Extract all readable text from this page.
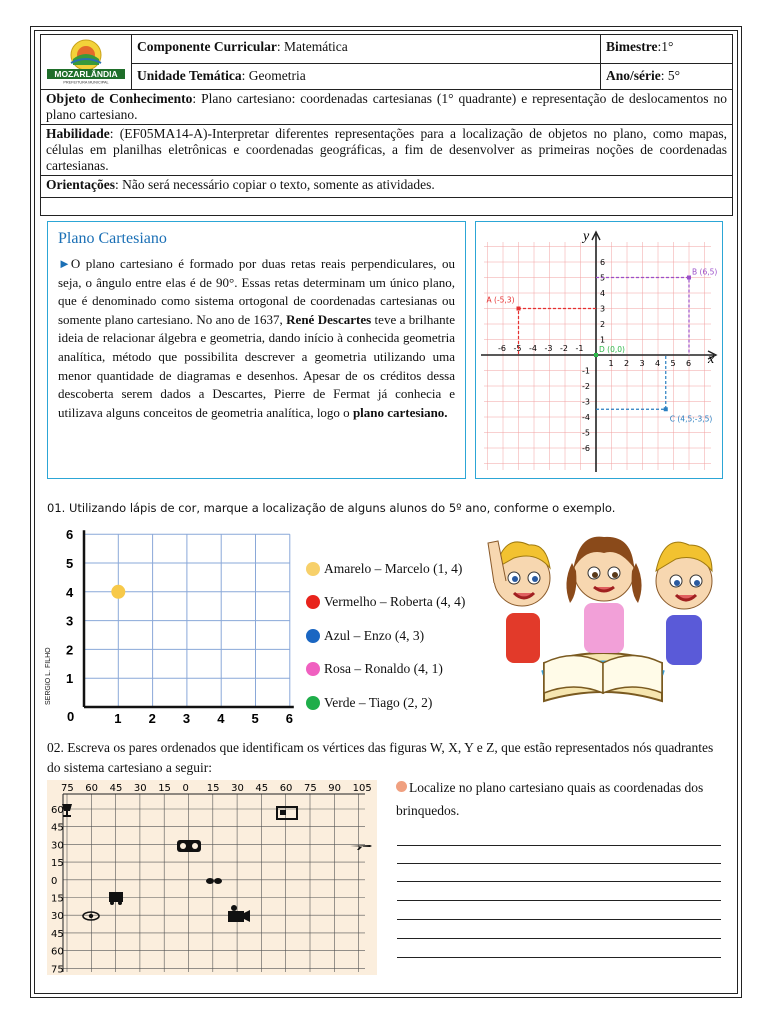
MOZARLÂNDIA
PREFEITURA MUNICIPAL	Componente Curricular: Matemática	Bimestre:1°
	Unidade Temática: Geometria	Ano/série: 5°
Objeto de Conhecimento: Plano cartesiano: coordenadas cartesianas (1° quadrante) e representação de deslocamentos no plano cartesiano.		
Habilidade: (EF05MA14-A)-Interpretar diferentes representações para a localização de objetos no plano, como mapas, células em planilhas eletrônicas e coordenadas geográficas, a fim de desenvolver as primeiras noções de coordenadas cartesianas.		
Orientações: Não será necessário copiar o texto, somente as atividades.		

Plano Cartesiano

►O plano cartesiano é formado por duas retas reais perpendiculares, ou seja, o ângulo entre elas é de 90°. Essas retas determinam um único plano, que é denominado como sistema ortogonal de coordenadas cartesianas ou somente plano cartesiano. No ano de 1637, René Descartes teve a brilhante ideia de relacionar álgebra e geometria, dando início à conhecida geometria analítica, método que possibilita descrever a geometria utilizando uma menor quantidade de diagramas e desenhos. Apesar de os créditos dessa descoberta serem dados a Descartes, Pierre de Fermat já conhecia e utilizava alguns conceitos de geometria analítica, logo o plano cartesiano.

y
x
-6 -5 -4 -3 -2 -1
1 2 3 4 5 6
1
2
3
4
5
6
-1
-2
-3
-4
-5
-6
A (-5,3)
B (6,5)
C (4,5;-3,5)
D (0,0)
01. Utilizando lápis de cor, marque a localização de alguns alunos do 5º ano, conforme o exemplo.
0	1 2 3 4 5 6
1
2
3
4
5
6
SERGIO L. FILHO
Amarelo – Marcelo (1, 4)
Vermelho – Roberta (4, 4)
Azul – Enzo (4, 3)
Rosa – Ronaldo (4, 1)
Verde – Tiago (2, 2)
02. Escreva os pares ordenados que identificam os vértices das figuras W, X, Y e Z, que estão representados nós quadrantes do sistema cartesiano a seguir:
75 60 45 30 15 0 15 30 45 60 75 90 105
60
45
30
15
0
15
30
45
60
75
Localize no plano cartesiano quais as coordenadas dos brinquedos.
